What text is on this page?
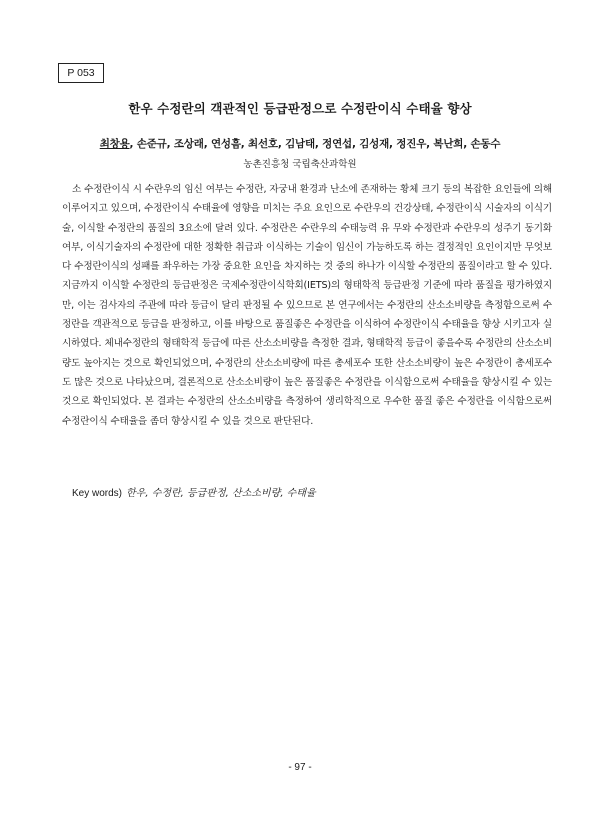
P 053
한우 수정란의 객관적인 등급판정으로 수정란이식 수태율 향상
최창용, 손준규, 조상래, 연성흠, 최선호, 김남태, 정연섭, 김성재, 정진우, 복난희, 손동수
농촌진흥청 국립축산과학원

소 수정란이식 시 수란우의 임신 여부는 수정란, 자궁내 환경과 난소에 존재하는 황체 크기 등의 복잡한 요인들에 의해 이루어지고 있으며, 수정란이식 수태율에 영향을 미치는 주요 요인으로 수란우의 건강상태, 수정란이식 시술자의 이식기술, 이식할 수정란의 품질의 3요소에 달려 있다. 수정란은 수란우의 수태능력 유 무와 수정란과 수란우의 성주기 동기화 여부, 이식기술자의 수정란에 대한 정확한 취급과 이식하는 기술이 임신이 가능하도록 하는 결정적인 요인이지만 무엇보다 수정란이식의 성패를 좌우하는 가장 중요한 요인을 차지하는 것 중의 하나가 이식할 수정란의 품질이라고 할 수 있다. 지금까지 이식할 수정란의 등급판정은 국제수정란이식학회(IETS)의 형태학적 등급판정 기준에 따라 품질을 평가하였지만, 이는 검사자의 주관에 따라 등급이 달리 판정될 수 있으므로 본 연구에서는 수정란의 산소소비량을 측정함으로써 수정란을 객관적으로 등급을 판정하고, 이를 바탕으로 품질좋은 수정란을 이식하여 수정란이식 수태율을 향상 시키고자 실시하였다. 체내수정란의 형태학적 등급에 따른 산소소비량을 측정한 결과, 형태학적 등급이 좋을수록 수정란의 산소소비량도 높아지는 것으로 확인되었으며, 수정란의 산소소비량에 따른 총세포수 또한 산소소비량이 높은 수정란이 총세포수도 많은 것으로 나타났으며, 결론적으로 산소소비량이 높은 품질좋은 수정란을 이식함으로써 수태율을 향상시킬 수 있는 것으로 확인되었다. 본 결과는 수정란의 산소소비량을 측정하여 생리학적으로 우수한 품질 좋은 수정란을 이식함으로써 수정란이식 수태율을 좀더 향상시킬 수 있을 것으로 판단된다.

Key words) 한우, 수정란, 등급판정, 산소소비량, 수태율
- 97 -
